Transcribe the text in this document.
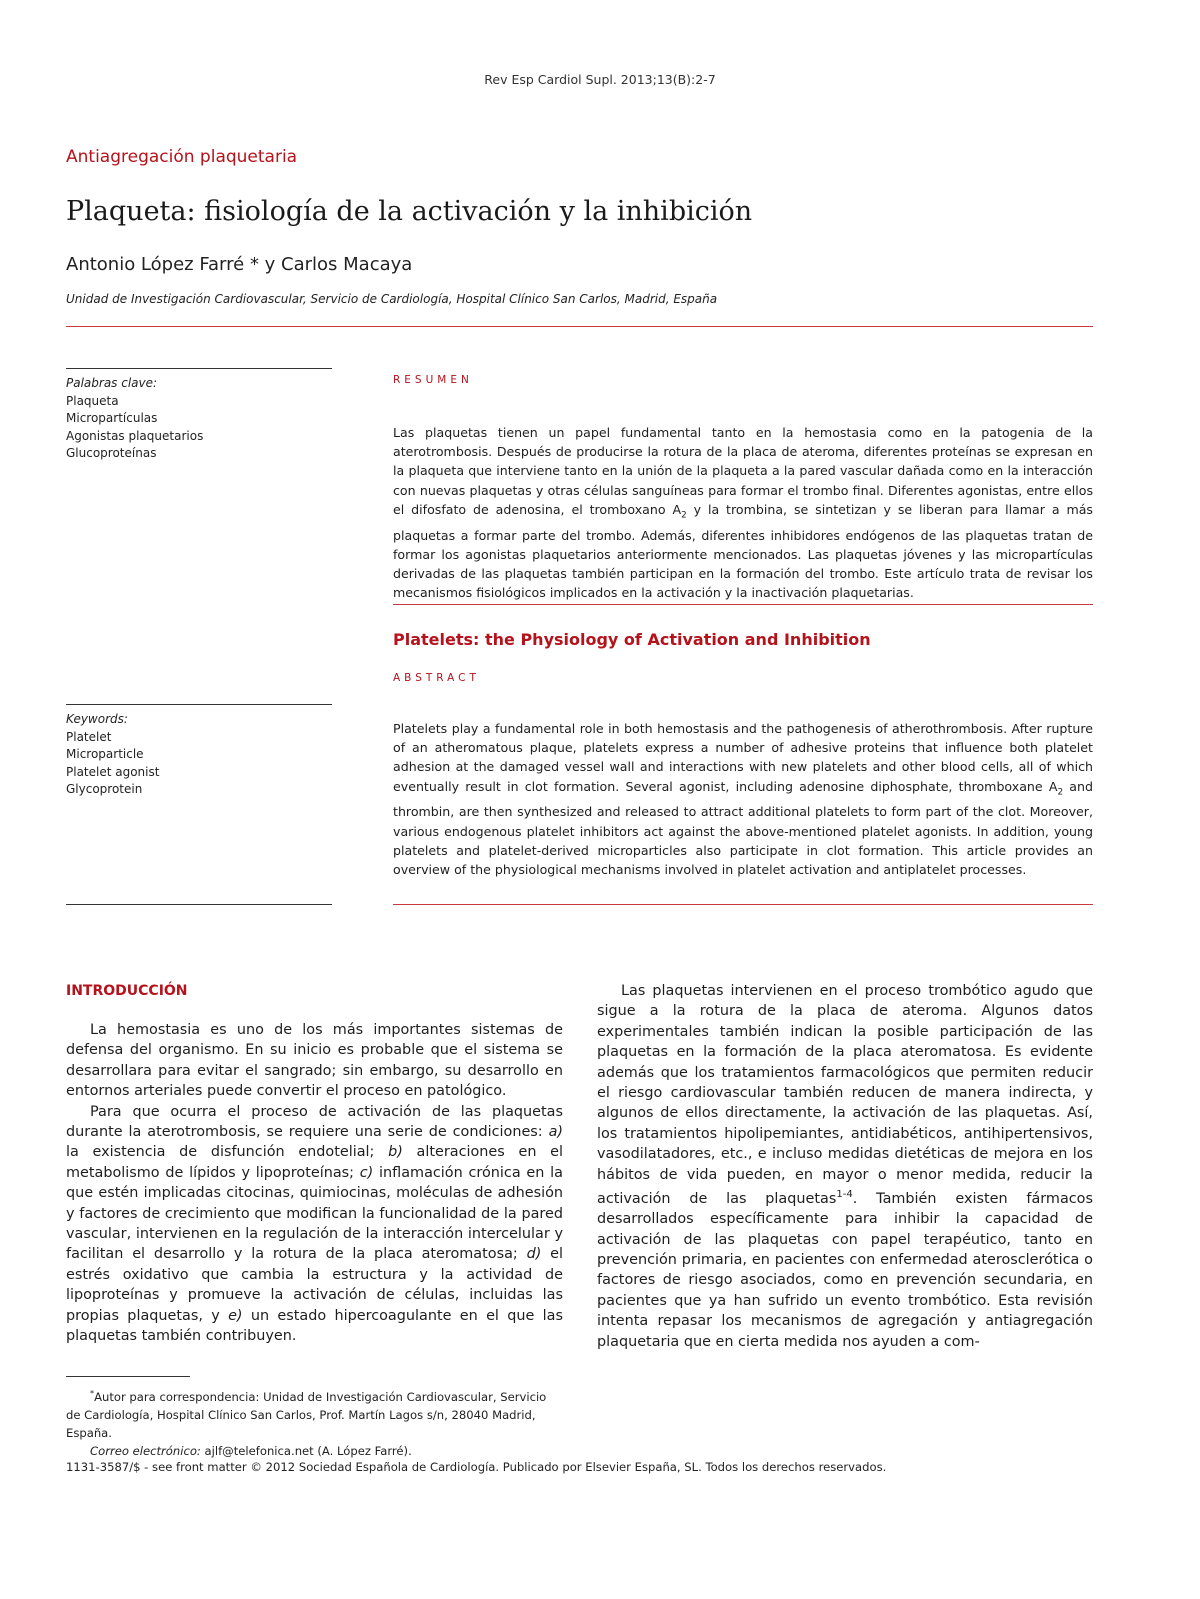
Rev Esp Cardiol Supl. 2013;13(B):2-7
Antiagregación plaquetaria
Plaqueta: fisiología de la activación y la inhibición
Antonio López Farré * y Carlos Macaya
Unidad de Investigación Cardiovascular, Servicio de Cardiología, Hospital Clínico San Carlos, Madrid, España
Palabras clave:
Plaqueta
Micropartículas
Agonistas plaquetarios
Glucoproteínas
RESUMEN
Las plaquetas tienen un papel fundamental tanto en la hemostasia como en la patogenia de la aterotrombosis. Después de producirse la rotura de la placa de ateroma, diferentes proteínas se expresan en la plaqueta que interviene tanto en la unión de la plaqueta a la pared vascular dañada como en la interacción con nuevas plaquetas y otras células sanguíneas para formar el trombo final. Diferentes agonistas, entre ellos el difosfato de adenosina, el tromboxano $A_2$ y la trombina, se sintetizan y se liberan para llamar a más plaquetas a formar parte del trombo. Además, diferentes inhibidores endógenos de las plaquetas tratan de formar los agonistas plaquetarios anteriormente mencionados. Las plaquetas jóvenes y las micropartículas derivadas de las plaquetas también participan en la formación del trombo. Este artículo trata de revisar los mecanismos fisiológicos implicados en la activación y la inactivación plaquetarias.
Platelets: the Physiology of Activation and Inhibition
ABSTRACT
Keywords:
Platelet
Microparticle
Platelet agonist
Glycoprotein
Platelets play a fundamental role in both hemostasis and the pathogenesis of atherothrombosis. After rupture of an atheromatous plaque, platelets express a number of adhesive proteins that influence both platelet adhesion at the damaged vessel wall and interactions with new platelets and other blood cells, all of which eventually result in clot formation. Several agonist, including adenosine diphosphate, thromboxane $A_2$ and thrombin, are then synthesized and released to attract additional platelets to form part of the clot. Moreover, various endogenous platelet inhibitors act against the above-mentioned platelet agonists. In addition, young platelets and platelet-derived microparticles also participate in clot formation. This article provides an overview of the physiological mechanisms involved in platelet activation and antiplatelet processes.
INTRODUCCIÓN

La hemostasia es uno de los más importantes sistemas de defensa del organismo. En su inicio es probable que el sistema se desarrollara para evitar el sangrado; sin embargo, su desarrollo en entornos arteriales puede convertir el proceso en patológico.

Para que ocurra el proceso de activación de las plaquetas durante la aterotrombosis, se requiere una serie de condiciones: a) la existencia de disfunción endotelial; b) alteraciones en el metabolismo de lípidos y lipoproteínas; c) inflamación crónica en la que estén implicadas citocinas, quimiocinas, moléculas de adhesión y factores de crecimiento que modifican la funcionalidad de la pared vascular, intervienen en la regulación de la interacción intercelular y facilitan el desarrollo y la rotura de la placa ateromatosa; d) el estrés oxidativo que cambia la estructura y la actividad de lipoproteínas y promueve la activación de células, incluidas las propias plaquetas, y e) un estado hipercoagulante en el que las plaquetas también contribuyen.

Las plaquetas intervienen en el proceso trombótico agudo que sigue a la rotura de la placa de ateroma. Algunos datos experimentales también indican la posible participación de las plaquetas en la formación de la placa ateromatosa. Es evidente además que los tratamientos farmacológicos que permiten reducir el riesgo cardiovascular también reducen de manera indirecta, y algunos de ellos directamente, la activación de las plaquetas. Así, los tratamientos hipolipemiantes, antidiabéticos, antihipertensivos, vasodilatadores, etc., e incluso medidas dietéticas de mejora en los hábitos de vida pueden, en mayor o menor medida, reducir la activación de las plaquetas$^{1-4}$. También existen fármacos desarrollados específicamente para inhibir la capacidad de activación de las plaquetas con papel terapéutico, tanto en prevención primaria, en pacientes con enfermedad aterosclerótica o factores de riesgo asociados, como en prevención secundaria, en pacientes que ya han sufrido un evento trombótico. Esta revisión intenta repasar los mecanismos de agregación y antiagregación plaquetaria que en cierta medida nos ayuden a com-

*Autor para correspondencia: Unidad de Investigación Cardiovascular, Servicio de Cardiología, Hospital Clínico San Carlos, Prof. Martín Lagos s/n, 28040 Madrid, España.
Correo electrónico: ajlf@telefonica.net (A. López Farré).
1131-3587/$ - see front matter © 2012 Sociedad Española de Cardiología. Publicado por Elsevier España, SL. Todos los derechos reservados.
